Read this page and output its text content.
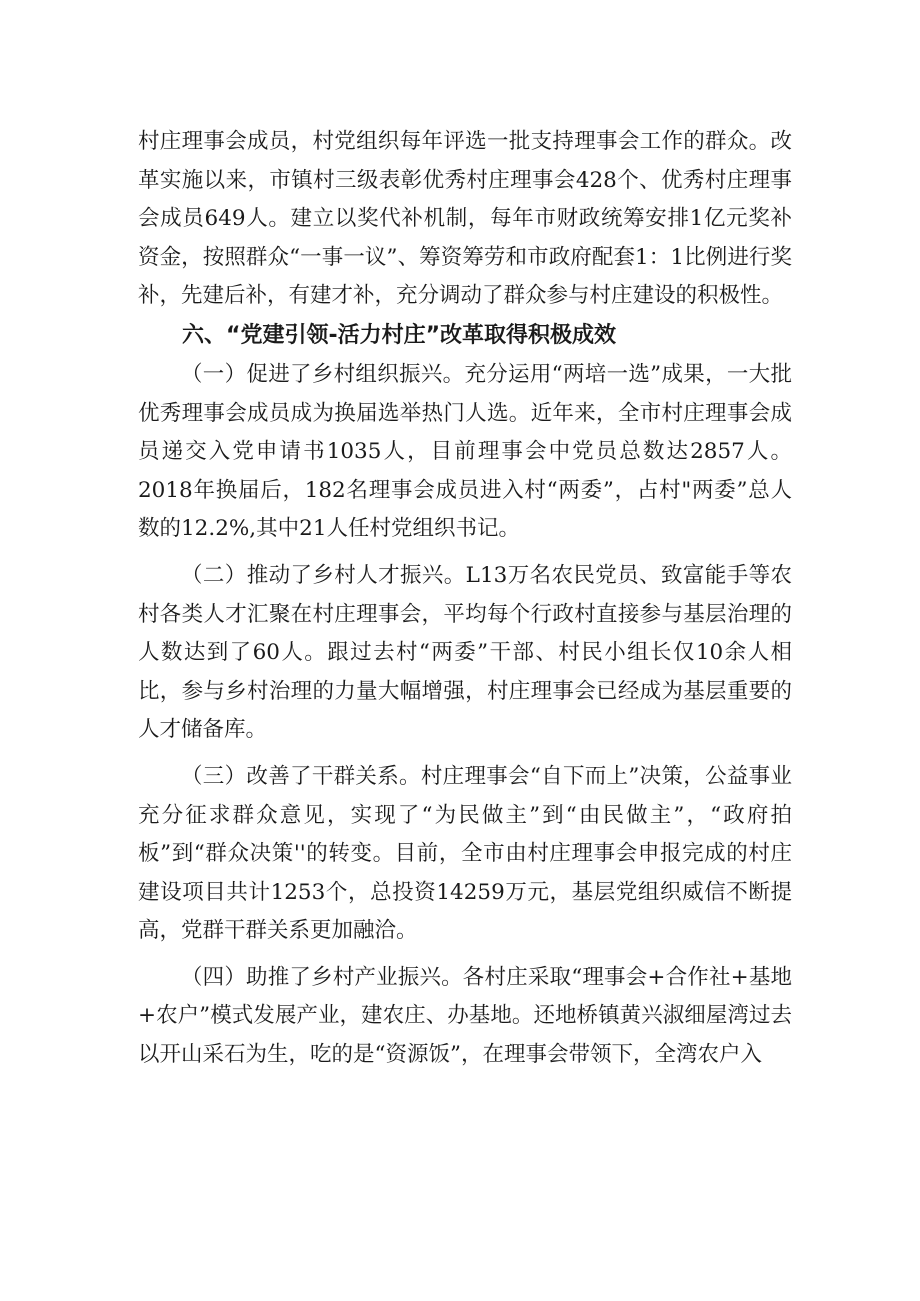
村庄理事会成员，村党组织每年评选一批支持理事会工作的群众。改革实施以来，市镇村三级表彰优秀村庄理事会428个、优秀村庄理事会成员649人。建立以奖代补机制，每年市财政统筹安排1亿元奖补资金，按照群众“一事一议”、筹资筹劳和市政府配套1：1比例进行奖补，先建后补，有建才补，充分调动了群众参与村庄建设的积极性。

六、“党建引领-活力村庄”改革取得积极成效

（一）促进了乡村组织振兴。充分运用“两培一选”成果，一大批优秀理事会成员成为换届选举热门人选。近年来，全市村庄理事会成员递交入党申请书1035人，目前理事会中党员总数达2857人。2018年换届后，182名理事会成员进入村“两委”，占村"两委”总人数的12.2%,其中21人任村党组织书记。

（二）推动了乡村人才振兴。L13万名农民党员、致富能手等农村各类人才汇聚在村庄理事会，平均每个行政村直接参与基层治理的人数达到了60人。跟过去村“两委”干部、村民小组长仅10余人相比，参与乡村治理的力量大幅增强，村庄理事会已经成为基层重要的人才储备库。

（三）改善了干群关系。村庄理事会“自下而上”决策，公益事业充分征求群众意见，实现了“为民做主”到“由民做主”，“政府拍板”到“群众决策''的转变。目前，全市由村庄理事会申报完成的村庄建设项目共计1253个，总投资14259万元，基层党组织威信不断提高，党群干群关系更加融洽。

（四）助推了乡村产业振兴。各村庄采取“理事会+合作社+基地+农户”模式发展产业，建农庄、办基地。还地桥镇黄兴淑细屋湾过去以开山采石为生，吃的是“资源饭”，在理事会带领下，全湾农户入
